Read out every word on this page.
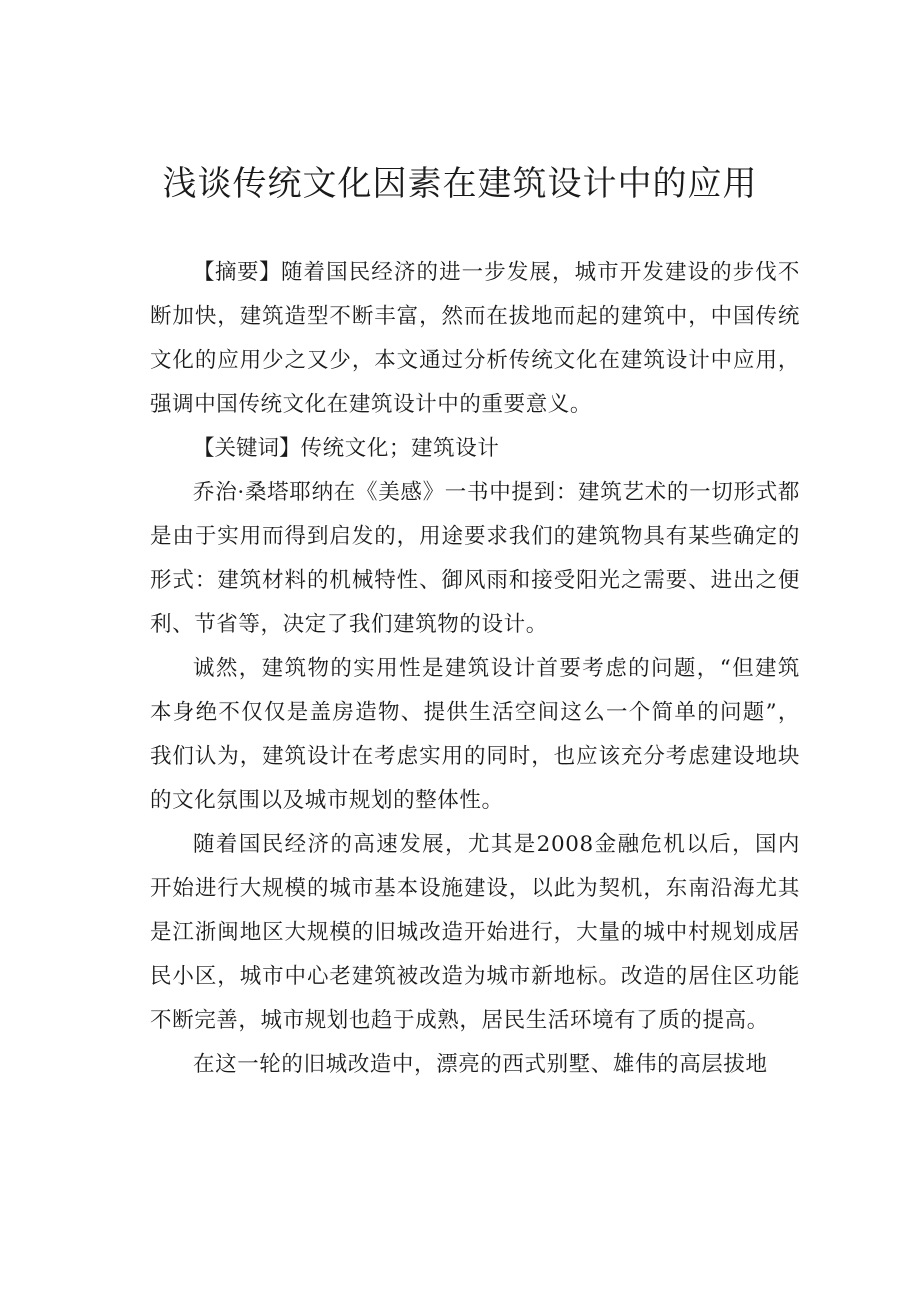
浅谈传统文化因素在建筑设计中的应用

【摘要】随着国民经济的进一步发展，城市开发建设的步伐不断加快，建筑造型不断丰富，然而在拔地而起的建筑中，中国传统文化的应用少之又少，本文通过分析传统文化在建筑设计中应用，强调中国传统文化在建筑设计中的重要意义。

【关键词】传统文化；建筑设计

乔治·桑塔耶纳在《美感》一书中提到：建筑艺术的一切形式都是由于实用而得到启发的，用途要求我们的建筑物具有某些确定的形式：建筑材料的机械特性、御风雨和接受阳光之需要、进出之便利、节省等，决定了我们建筑物的设计。

诚然，建筑物的实用性是建筑设计首要考虑的问题，“但建筑本身绝不仅仅是盖房造物、提供生活空间这么一个简单的问题”，我们认为，建筑设计在考虑实用的同时，也应该充分考虑建设地块的文化氛围以及城市规划的整体性。

随着国民经济的高速发展，尤其是2008金融危机以后，国内开始进行大规模的城市基本设施建设，以此为契机，东南沿海尤其是江浙闽地区大规模的旧城改造开始进行，大量的城中村规划成居民小区，城市中心老建筑被改造为城市新地标。改造的居住区功能不断完善，城市规划也趋于成熟，居民生活环境有了质的提高。

在这一轮的旧城改造中，漂亮的西式别墅、雄伟的高层拔地
